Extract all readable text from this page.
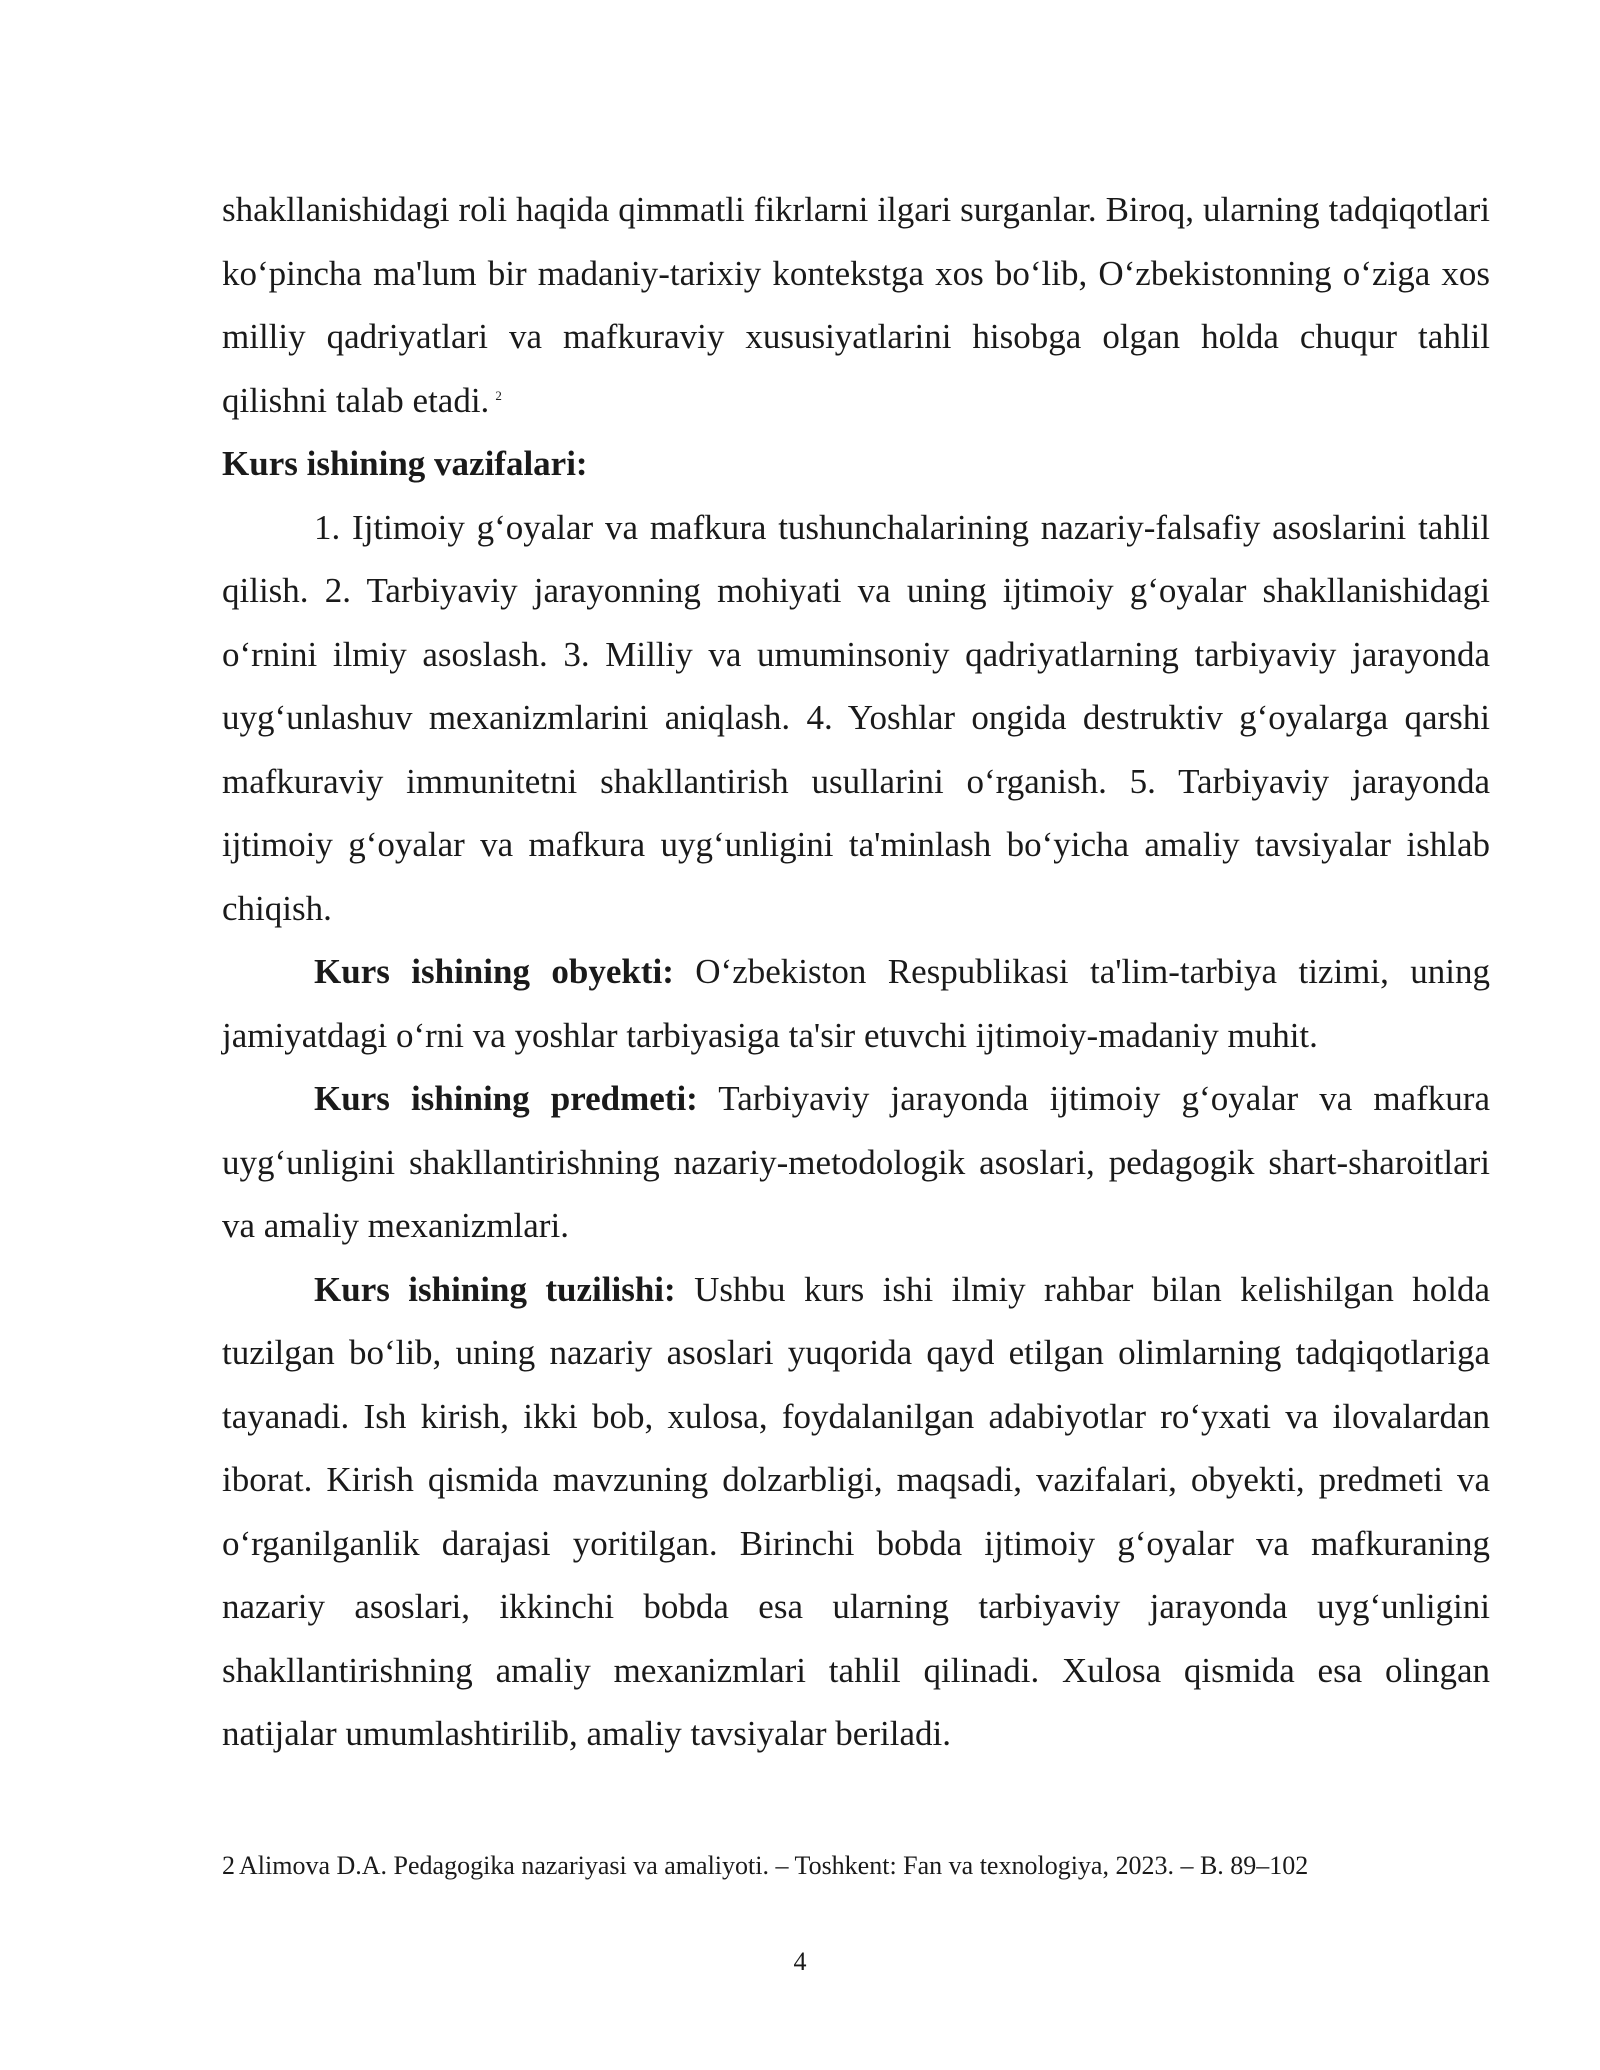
shakllanishidagi roli haqida qimmatli fikrlarni ilgari surganlar. Biroq, ularning tadqiqotlari ko‘pincha ma'lum bir madaniy-tarixiy kontekstga xos bo‘lib, O‘zbekistonning o‘ziga xos milliy qadriyatlari va mafkuraviy xususiyatlarini hisobga olgan holda chuqur tahlil qilishni talab etadi. $^2$

Kurs ishining vazifalari:

1. Ijtimoiy g‘oyalar va mafkura tushunchalarining nazariy-falsafiy asoslarini tahlil qilish. 2. Tarbiyaviy jarayonning mohiyati va uning ijtimoiy g‘oyalar shakllanishidagi o‘rnini ilmiy asoslash. 3. Milliy va umuminsoniy qadriyatlarning tarbiyaviy jarayonda uyg‘unlashuv mexanizmlarini aniqlash. 4. Yoshlar ongida destruktiv g‘oyalarga qarshi mafkuraviy immunitetni shakllantirish usullarini o‘rganish. 5. Tarbiyaviy jarayonda ijtimoiy g‘oyalar va mafkura uyg‘unligini ta'minlash bo‘yicha amaliy tavsiyalar ishlab chiqish.

Kurs ishining obyekti: O‘zbekiston Respublikasi ta'lim-tarbiya tizimi, uning jamiyatdagi o‘rni va yoshlar tarbiyasiga ta'sir etuvchi ijtimoiy-madaniy muhit.

Kurs ishining predmeti: Tarbiyaviy jarayonda ijtimoiy g‘oyalar va mafkura uyg‘unligini shakllantirishning nazariy-metodologik asoslari, pedagogik shart-sharoitlari va amaliy mexanizmlari.

Kurs ishining tuzilishi: Ushbu kurs ishi ilmiy rahbar bilan kelishilgan holda tuzilgan bo‘lib, uning nazariy asoslari yuqorida qayd etilgan olimlarning tadqiqotlariga tayanadi. Ish kirish, ikki bob, xulosa, foydalanilgan adabiyotlar ro‘yxati va ilovalardan iborat. Kirish qismida mavzuning dolzarbligi, maqsadi, vazifalari, obyekti, predmeti va o‘rganilganlik darajasi yoritilgan. Birinchi bobda ijtimoiy g‘oyalar va mafkuraning nazariy asoslari, ikkinchi bobda esa ularning tarbiyaviy jarayonda uyg‘unligini shakllantirishning amaliy mexanizmlari tahlil qilinadi. Xulosa qismida esa olingan natijalar umumlashtirilib, amaliy tavsiyalar beriladi.

2 Alimova D.A. Pedagogika nazariyasi va amaliyoti. – Toshkent: Fan va texnologiya, 2023. – B. 89–102

4
